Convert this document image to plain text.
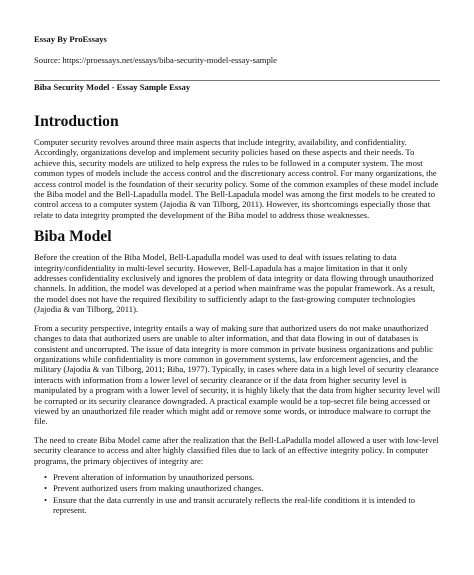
Essay By ProEssays

Source: https://proessays.net/essays/biba-security-model-essay-sample

Biba Security Model - Essay Sample Essay

Introduction

Computer security revolves around three main aspects that include integrity, availability, and confidentiality. Accordingly, organizations develop and implement security policies based on these aspects and their needs. To achieve this, security models are utilized to help express the rules to be followed in a computer system. The most common types of models include the access control and the discretionary access control. For many organizations, the access control model is the foundation of their security policy. Some of the common examples of these model include the Biba model and the Bell-Lapadulla model. The Bell-Lapadula model was among the first models to be created to control access to a computer system (Jajodia & van Tilborg, 2011). However, its shortcomings especially those that relate to data integrity prompted the development of the Biba model to address those weaknesses.

Biba Model

Before the creation of the Biba Model, Bell-Lapadulla model was used to deal with issues relating to data integrity/confidentiality in multi-level security. However, Bell-Lapadula has a major limitation in that it only addresses confidentiality exclusively and ignores the problem of data integrity or data flowing through unauthorized channels. In addition, the model was developed at a period when mainframe was the popular framework. As a result, the model does not have the required flexibility to sufficiently adapt to the fast-growing computer technologies (Jajodia & van Tilborg, 2011).

From a security perspective, integrity entails a way of making sure that authorized users do not make unauthorized changes to data that authorized users are unable to alter information, and that data flowing in out of databases is consistent and uncorrupted. The issue of data integrity is more common in private business organizations and public organizations while confidentiality is more common in government systems, law enforcement agencies, and the military (Jajodia & van Tilborg, 2011; Biba, 1977). Typically, in cases where data in a high level of security clearance interacts with information from a lower level of security clearance or if the data from higher security level is manipulated by a program with a lower level of security, it is highly likely that the data from higher security level will be corrupted or its security clearance downgraded. A practical example would be a top-secret file being accessed or viewed by an unauthorized file reader which might add or remove some words, or introduce malware to corrupt the file.

The need to create Biba Model came after the realization that the Bell-LaPadulla model allowed a user with low-level security clearance to access and alter highly classified files due to lack of an effective integrity policy. In computer programs, the primary objectives of integrity are:

• Prevent alteration of information by unauthorized persons.
• Prevent authorized users from making unauthorized changes.
• Ensure that the data currently in use and transit accurately reflects the real-life conditions it is intended to represent.
